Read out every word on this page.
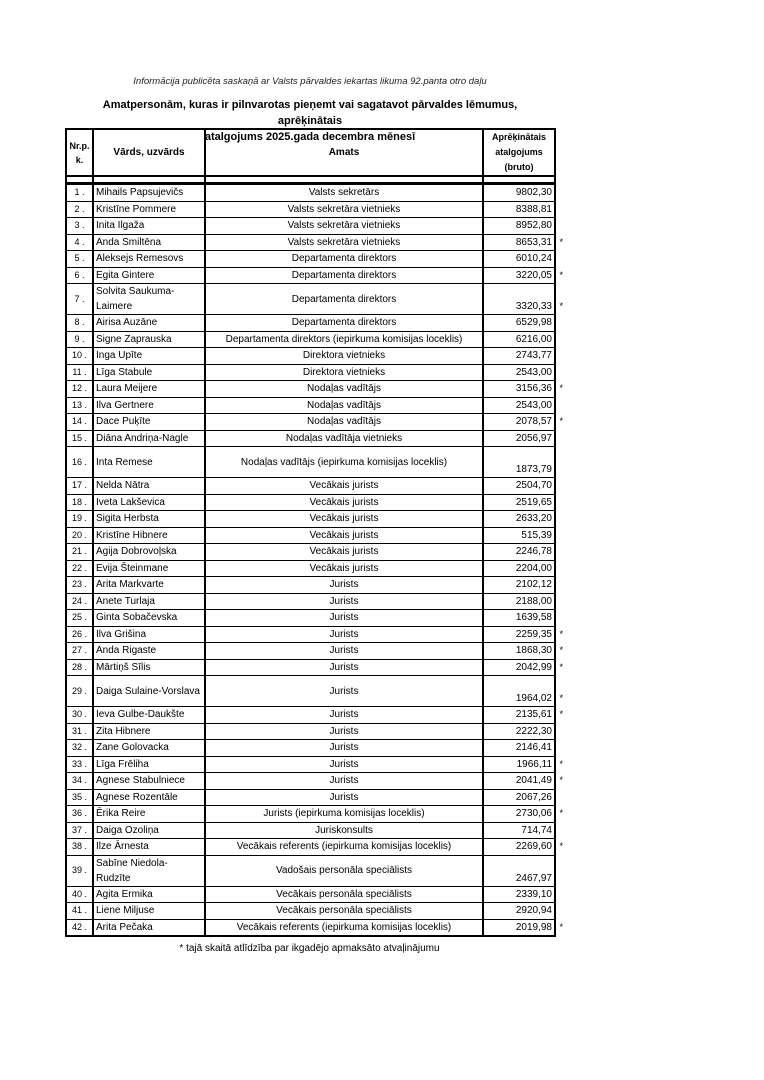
Informācija publicēta saskaņā ar Valsts pārvaldes iekartas likuma 92.panta otro daļu
Amatpersonām, kuras ir pilnvarotas pieņemt vai sagatavot pārvaldes lēmumus, aprēķinātais
atalgojums 2025.gada decembra mēnesī
Nr.p. k.	Vārds, uzvārds	Amats	Aprēķinātais atalgojums (bruto)

1 .	Mihails Papsujevičs	Valsts sekretārs	9802,30

2 .	Kristīne Pommere	Valsts sekretāra vietnieks	8388,81

3 .	Inita Ilgaža	Valsts sekretāra vietnieks	8952,80

4 .	Anda Smiltēna	Valsts sekretāra vietnieks	8653,31 *

5 .	Aleksejs Remesovs	Departamenta direktors	6010,24

6 .	Egita Gintere	Departamenta direktors	3220,05 *

7 .	Solvita Saukuma-Laimere	Departamenta direktors	3320,33 *

8 .	Airisa Auzāne	Departamenta direktors	6529,98

9 .	Signe Zaprauska	Departamenta direktors (iepirkuma komisijas loceklis)	6216,00

10 .	Inga Upīte	Direktora vietnieks	2743,77

11 .	Līga Stabule	Direktora vietnieks	2543,00

12 .	Laura Meijere	Nodaļas vadītājs	3156,36 *

13 .	Ilva Gertnere	Nodaļas vadītājs	2543,00

14 .	Dace Puķīte	Nodaļas vadītājs	2078,57 *

15 .	Diāna Andriņa-Nagle	Nodaļas vadītāja vietnieks	2056,97

16 .	Inta Remese	Nodaļas vadītājs (iepirkuma komisijas loceklis)	1873,79

17 .	Nelda Nātra	Vecākais jurists	2504,70

18 .	Iveta Lakševica	Vecākais jurists	2519,65

19 .	Sigita Herbsta	Vecākais jurists	2633,20

20 .	Kristīne Hibnere	Vecākais jurists	515,39

21 .	Agija Dobrovoļska	Vecākais jurists	2246,78

22 .	Evija Šteinmane	Vecākais jurists	2204,00

23 .	Arita Markvarte	Jurists	2102,12

24 .	Anete Turlaja	Jurists	2188,00

25 .	Ginta Sobačevska	Jurists	1639,58

26 .	Ilva Grišina	Jurists	2259,35 *

27 .	Anda Rigaste	Jurists	1868,30 *

28 .	Mārtiņš Sīlis	Jurists	2042,99 *

29 .	Daiga Sulaine-Vorslava	Jurists	1964,02 *

30 .	Ieva Gulbe-Daukšte	Jurists	2135,61 *

31 .	Zita Hibnere	Jurists	2222,30

32 .	Zane Golovacka	Jurists	2146,41

33 .	Līga Frēliha	Jurists	1966,11 *

34 .	Agnese Stabulniece	Jurists	2041,49 *

35 .	Agnese Rozentāle	Jurists	2067,26

36 .	Ērika Reire	Jurists (iepirkuma komisijas loceklis)	2730,06 *

37 .	Daiga Ozoliņa	Juriskonsults	714,74

38 .	Ilze Ārnesta	Vecākais referents (iepirkuma komisijas loceklis)	2269,60 *

39 .	Sabīne Niedola-Rudzīte	Vadošais personāla speciālists	2467,97

40 .	Agita Ermika	Vecākais personāla speciālists	2339,10

41 .	Liene Miljuse	Vecākais personāla speciālists	2920,94

42 .	Arita Pečaka	Vecākais referents (iepirkuma komisijas loceklis)	2019,98 *
* tajā skaitā atlīdzība par ikgadējo apmaksāto atvaļinājumu
